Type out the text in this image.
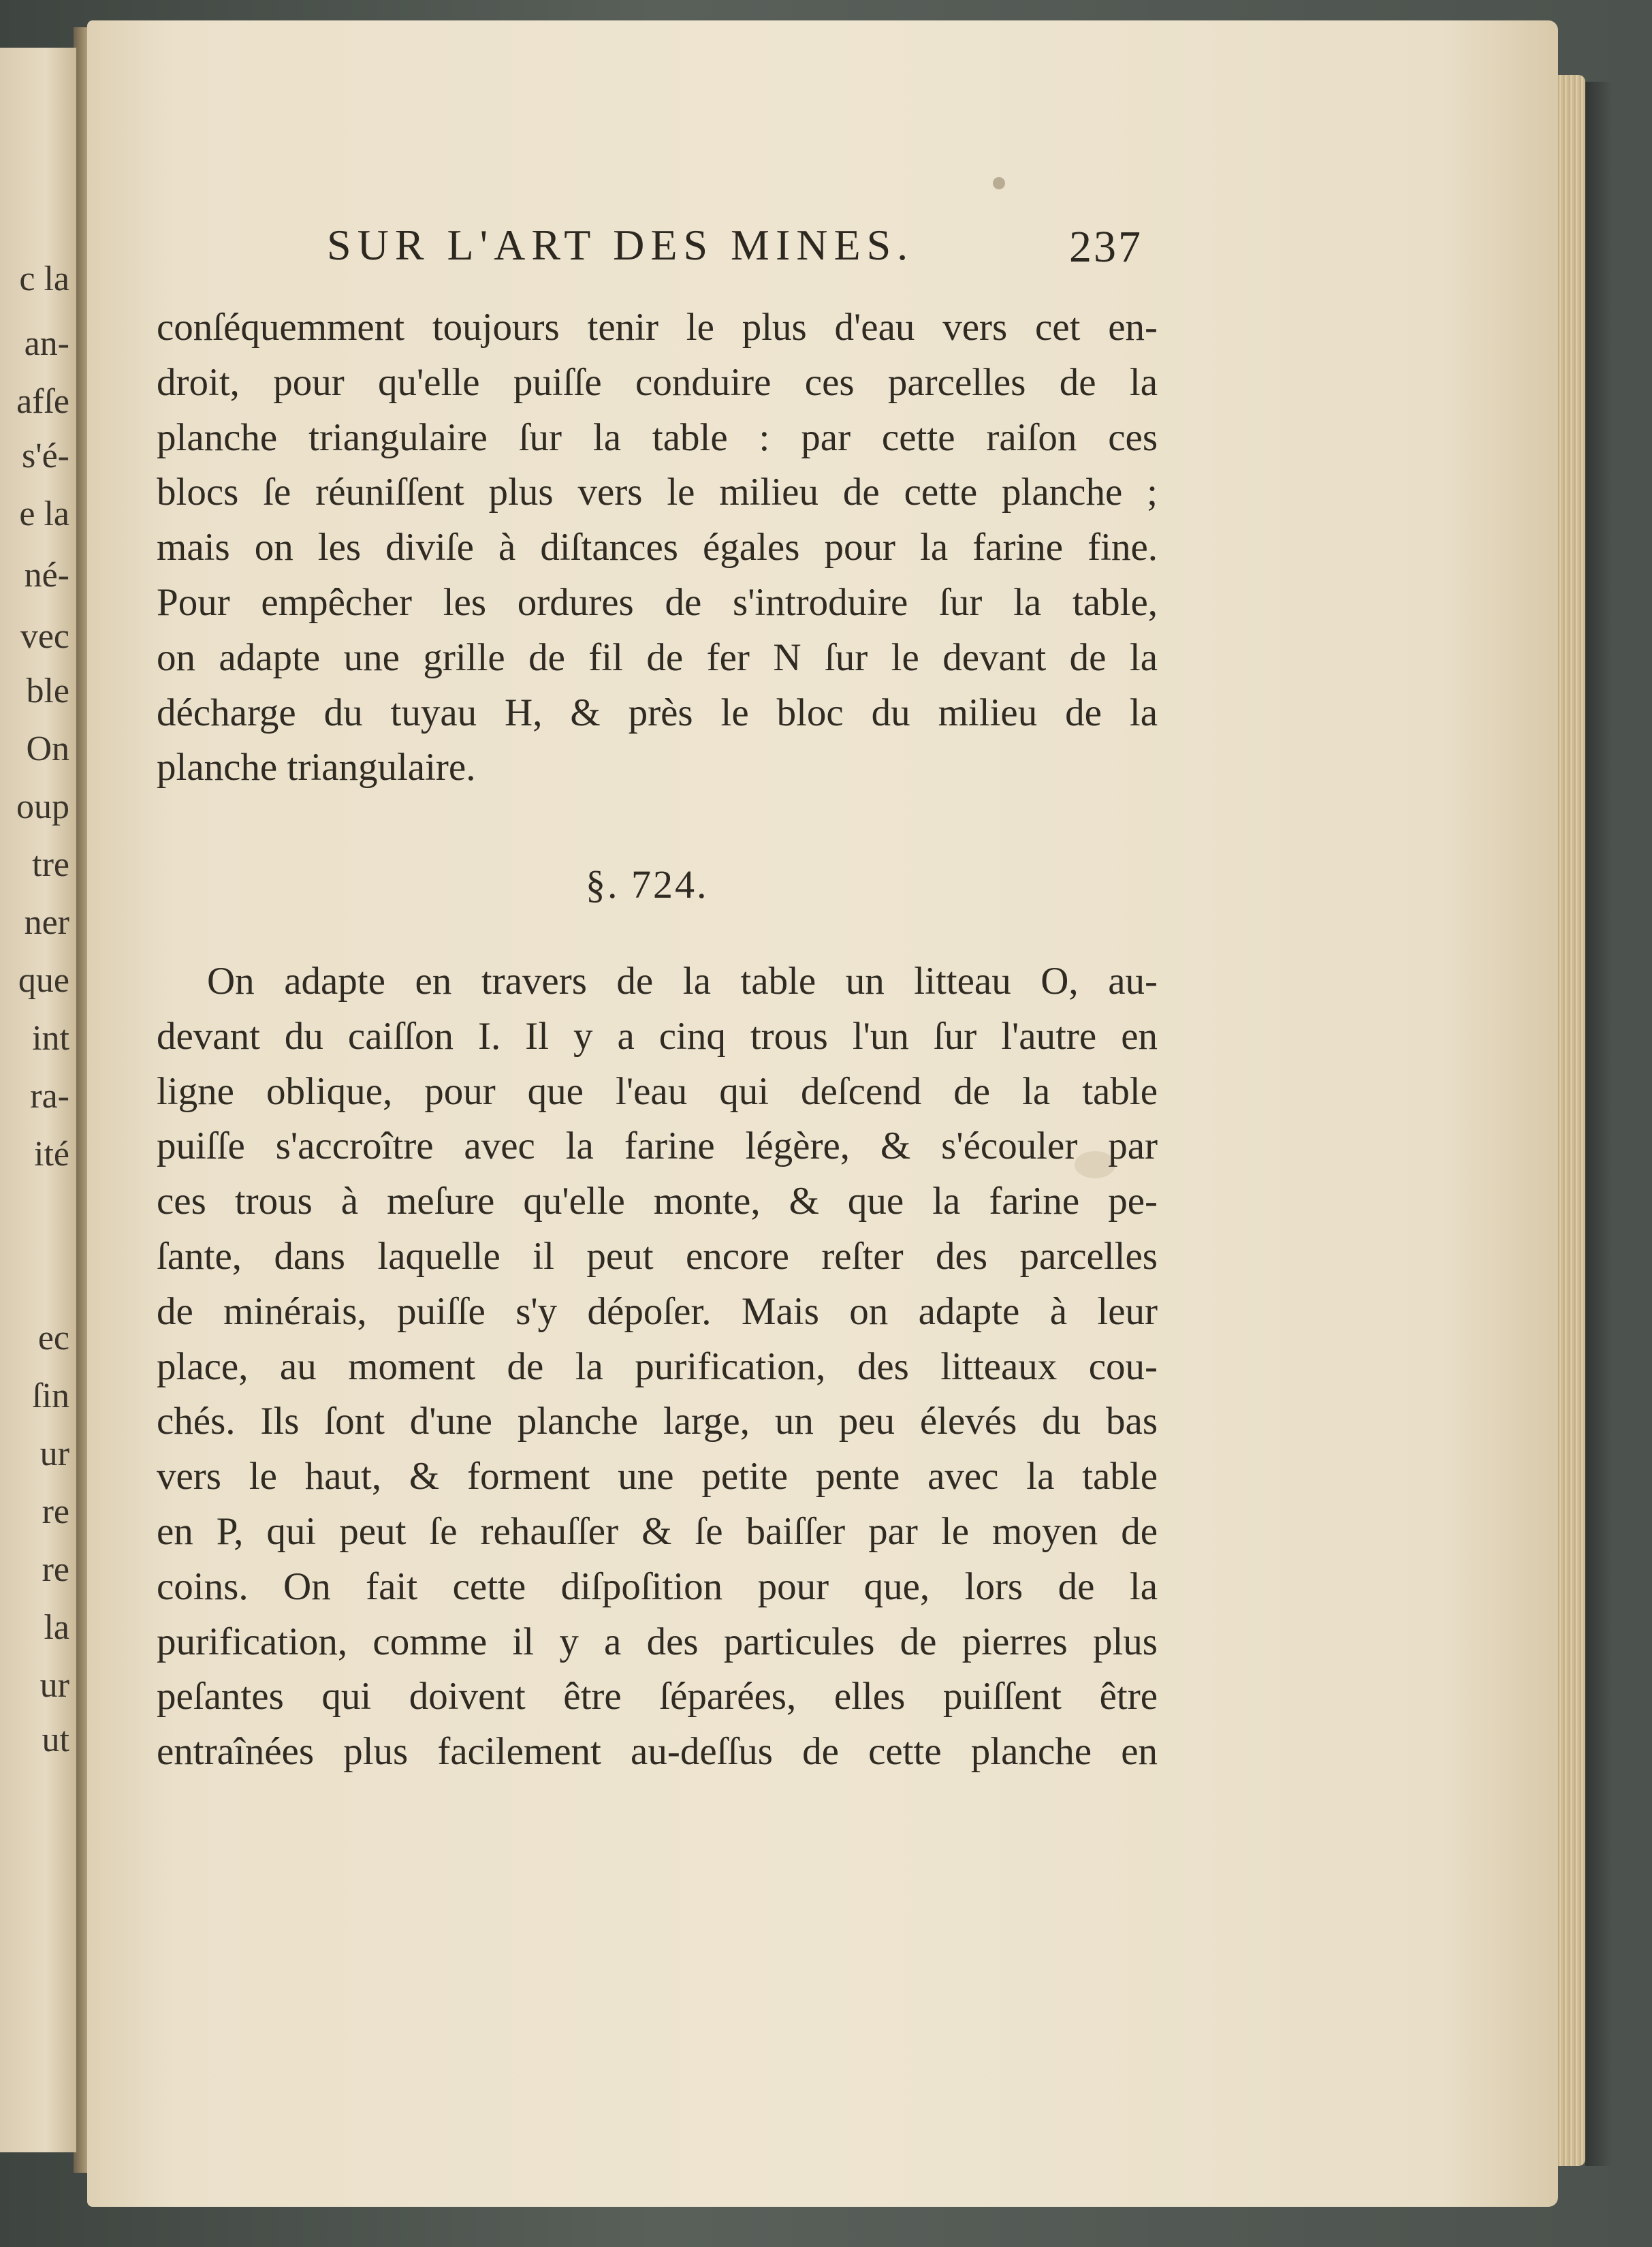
c la
an-
afſe
s'é-
e la
né-
vec
ble
On
oup
tre
ner
que
int
ra-
ité
ec
ſin
ur
re
re
la
ur
ut
SUR L'ART DES MINES.	237
conſéquemment toujours tenir le plus d'eau vers cet en-
droit, pour qu'elle puiſſe conduire ces parcelles de la
planche triangulaire ſur la table : par cette raiſon ces
blocs ſe réuniſſent plus vers le milieu de cette planche ;
mais on les diviſe à diſtances égales pour la farine fine.
Pour empêcher les ordures de s'introduire ſur la table,
on adapte une grille de fil de fer N ſur le devant de la
décharge du tuyau H, & près le bloc du milieu de la
planche triangulaire.
§. 724.
On adapte en travers de la table un litteau O, au-
devant du caiſſon I. Il y a cinq trous l'un ſur l'autre en
ligne oblique, pour que l'eau qui deſcend de la table
puiſſe s'accroître avec la farine légère, & s'écouler par
ces trous à meſure qu'elle monte, & que la farine pe-
ſante, dans laquelle il peut encore reſter des parcelles
de minérais, puiſſe s'y dépoſer. Mais on adapte à leur
place, au moment de la purification, des litteaux cou-
chés. Ils ſont d'une planche large, un peu élevés du bas
vers le haut, & forment une petite pente avec la table
en P, qui peut ſe rehauſſer & ſe baiſſer par le moyen de
coins. On fait cette diſpoſition pour que, lors de la
purification, comme il y a des particules de pierres plus
peſantes qui doivent être ſéparées, elles puiſſent être
entraînées plus facilement au-deſſus de cette planche en
